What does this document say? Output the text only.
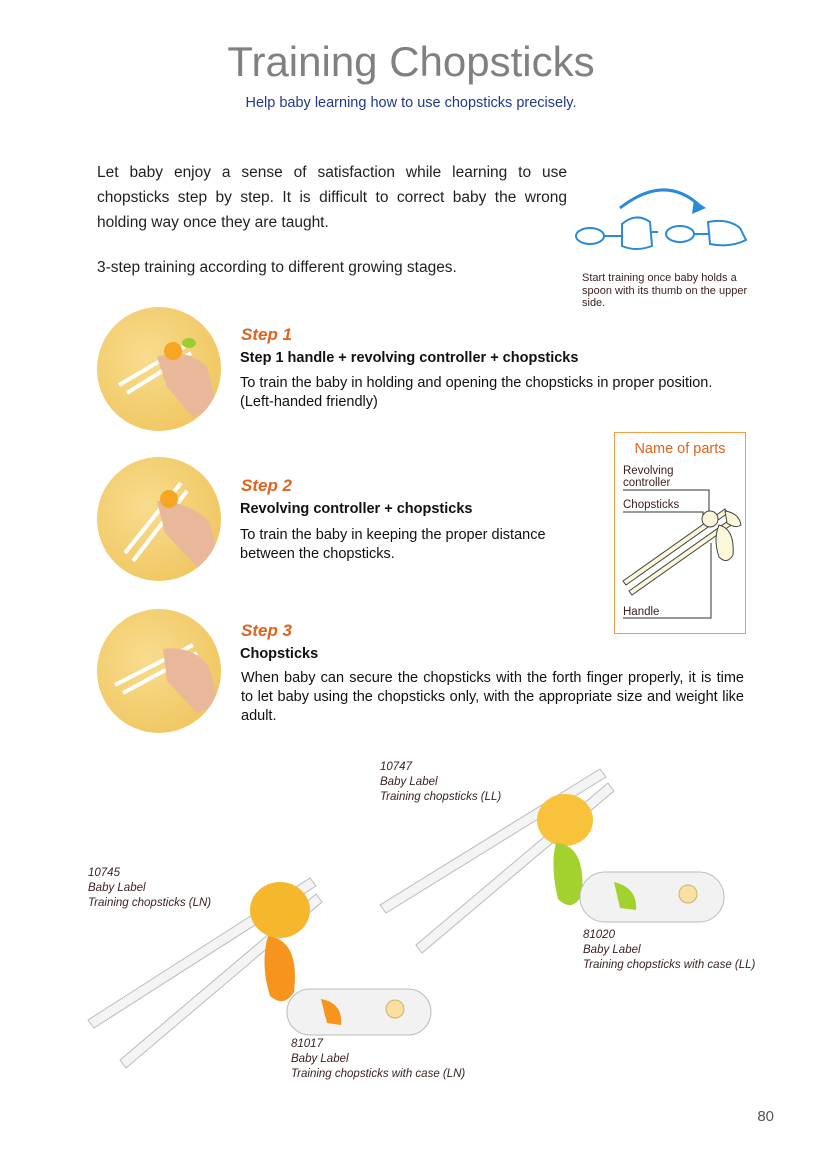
Training Chopsticks
Help baby learning how to use chopsticks precisely.
Let baby enjoy a sense of satisfaction while learning to use chopsticks step by step. It is difficult to correct baby the wrong holding way once they are taught.
3-step training according to different growing stages.
Start training once baby holds a spoon with its thumb on the upper side.
Step 1
Step 1 handle + revolving controller + chopsticks
To train the baby in holding and opening the chopsticks in proper position. (Left-handed friendly)
Step 2
Revolving controller + chopsticks
To train the baby in keeping the proper distance between the chopsticks.
Name of parts
Revolving controller
Chopsticks
Handle
Step 3
Chopsticks
When baby can secure the chopsticks with the forth finger properly, it is time to let baby using the chopsticks only, with the appropriate size and weight like adult.
10747
Baby Label
Training chopsticks (LL)
10745
Baby Label
Training chopsticks (LN)
81020
Baby Label
Training chopsticks with case (LL)
81017
Baby Label
Training chopsticks with case (LN)
80
